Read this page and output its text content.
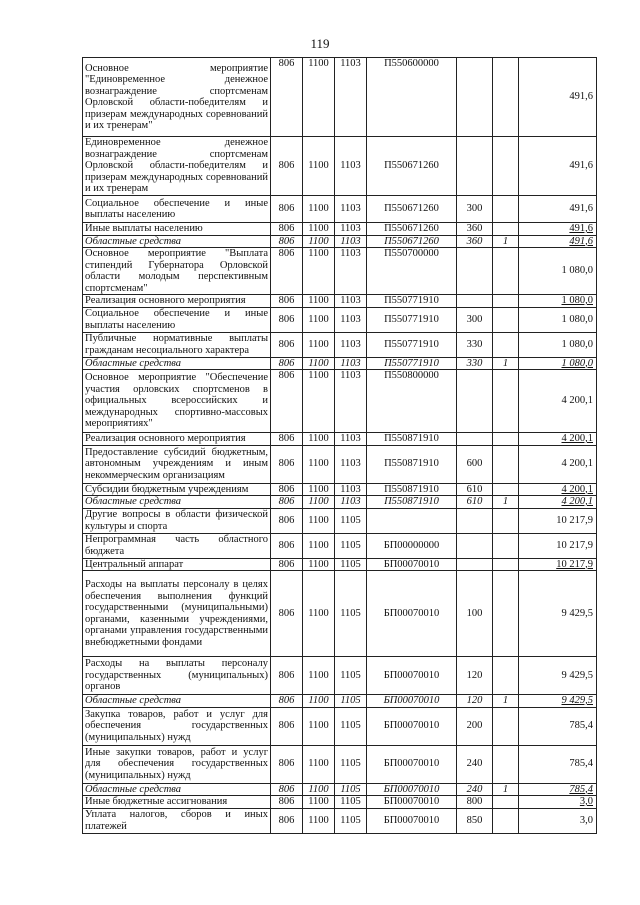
119
Основное мероприятие "Единовременное денежное вознаграждение спортсменам Орловской области-победителям и призерам международных соревнований и их тренерам"	806	1100	1103	П550600000			491,6
Единовременное денежное вознаграждение спортсменам Орловской области-победителям и призерам международных соревнований и их тренерам	806	1100	1103	П550671260			491,6
Социальное обеспечение и иные выплаты населению	806	1100	1103	П550671260	300		491,6
Иные выплаты населению	806	1100	1103	П550671260	360		491,6
Областные средства	806	1100	1103	П550671260	360	1	491,6
Основное мероприятие "Выплата стипендий Губернатора Орловской области молодым перспективным спортсменам"	806	1100	1103	П550700000			1 080,0
Реализация основного мероприятия	806	1100	1103	П550771910			1 080,0
Социальное обеспечение и иные выплаты населению	806	1100	1103	П550771910	300		1 080,0
Публичные нормативные выплаты гражданам несоциального характера	806	1100	1103	П550771910	330		1 080,0
Областные средства	806	1100	1103	П550771910	330	1	1 080,0
Основное мероприятие "Обеспечение участия орловских спортсменов в официальных всероссийских и международных спортивно-массовых мероприятиях"	806	1100	1103	П550800000			4 200,1
Реализация основного мероприятия	806	1100	1103	П550871910			4 200,1
Предоставление субсидий бюджетным, автономным учреждениям и иным некоммерческим организациям	806	1100	1103	П550871910	600		4 200,1
Субсидии бюджетным учреждениям	806	1100	1103	П550871910	610		4 200,1
Областные средства	806	1100	1103	П550871910	610	1	4 200,1
Другие вопросы в области физической культуры и спорта	806	1100	1105				10 217,9
Непрограммная часть областного бюджета	806	1100	1105	БП00000000			10 217,9
Центральный аппарат	806	1100	1105	БП00070010			10 217,9
Расходы на выплаты персоналу в целях обеспечения выполнения функций государственными (муниципальными) органами, казенными учреждениями, органами управления государственными внебюджетными фондами	806	1100	1105	БП00070010	100		9 429,5
Расходы на выплаты персоналу государственных (муниципальных) органов	806	1100	1105	БП00070010	120		9 429,5
Областные средства	806	1100	1105	БП00070010	120	1	9 429,5
Закупка товаров, работ и услуг для обеспечения государственных (муниципальных) нужд	806	1100	1105	БП00070010	200		785,4
Иные закупки товаров, работ и услуг для обеспечения государственных (муниципальных) нужд	806	1100	1105	БП00070010	240		785,4
Областные средства	806	1100	1105	БП00070010	240	1	785,4
Иные бюджетные ассигнования	806	1100	1105	БП00070010	800		3,0
Уплата налогов, сборов и иных платежей	806	1100	1105	БП00070010	850		3,0
